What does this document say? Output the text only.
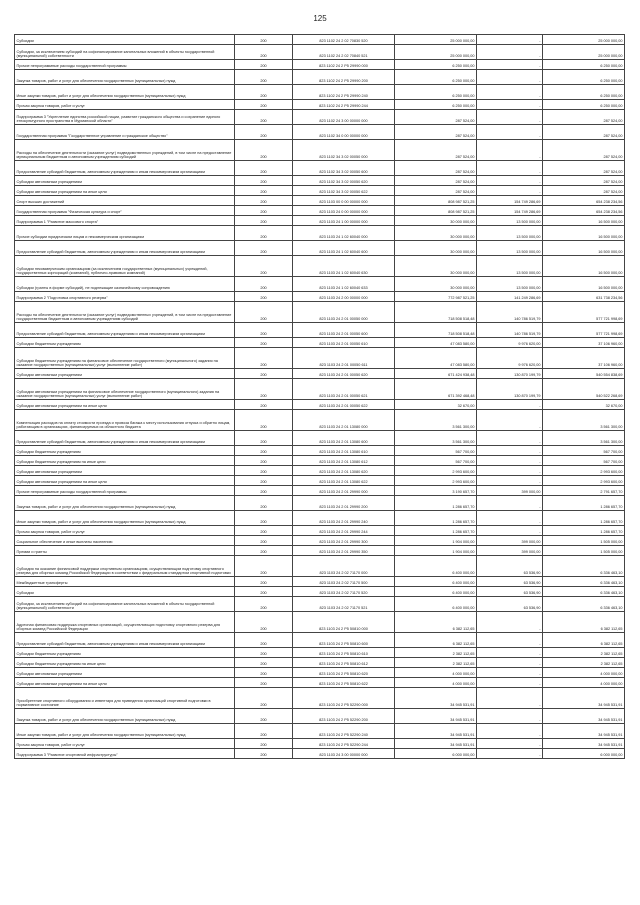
125
Субсидии	200	823 1102 24 2 02 70830 520	25 000 000,00	-	25 000 000,00
Субсидии, за исключением субсидий на софинансирование капитальных вложений в объекты государственной (муниципальной) собственности	200	823 1102 24 2 02 70840 521	25 000 000,00	-	25 000 000,00
Прочие непрограммные расходы государственной программы	200	823 1102 24 2 P5 29990 000	6 250 000,00	-	6 250 000,00
Закупка товаров, работ и услуг для обеспечения государственных (муниципальных) нужд	200	823 1102 24 2 P5 29990 200	6 250 000,00	-	6 250 000,00
Иные закупки товаров, работ и услуг для обеспечения государственных (муниципальных) нужд	200	823 1102 24 2 P5 29990 240	6 250 000,00	-	6 250 000,00
Прочая закупка товаров, работ и услуг	200	823 1102 24 2 P5 29990 244	6 250 000,00	-	6 250 000,00
Подпрограмма 3 "Укрепление единства российской нации, развитие гражданского общества и сохранение единого этнокультурного пространства в Мурманской области"	200	823 1102 24 3 00 00000 000	287 524,00	-	287 524,00
Государственная программа "Государственное управление и гражданское общество"	200	823 1102 34 0 00 00000 000	287 524,00	-	287 524,00
Расходы на обеспечение деятельности (оказание услуг) подведомственных учреждений, в том числе на предоставление муниципальным бюджетным и автономным учреждениям субсидий	200	823 1102 34 3 02 00050 000	287 524,00	-	287 524,00
Предоставление субсидий бюджетным, автономным учреждениям и иным некоммерческим организациям	200	823 1102 34 3 02 00050 600	287 524,00	-	287 524,00
Субсидии автономным учреждениям	200	823 1102 34 3 02 00050 620	287 524,00	-	287 524,00
Субсидии автономным учреждениям на иные цели	200	823 1102 34 3 02 00050 622	287 524,00	-	287 524,00
Спорт высших достижений	200	823 1103 00 0 00 00000 000	808 987 521,25	154 749 286,69	654 238 234,56
Государственная программа "Физическая культура и спорт"	200	823 1103 24 0 00 00000 000	808 987 521,25	154 749 286,69	654 238 234,56
Подпрограмма 1 "Развитие массового спорта"	200	823 1103 24 1 00 00000 000	30 000 000,00	13 500 000,00	16 500 000,00
Прочие субсидии юридическим лицам и некоммерческим организациям	200	823 1103 24 1 02 60040 000	30 000 000,00	13 500 000,00	16 500 000,00
Предоставление субсидий бюджетным, автономным учреждениям и иным некоммерческим организациям	200	823 1103 24 1 02 60040 600	30 000 000,00	13 500 000,00	16 500 000,00
Субсидии некоммерческим организациям (за исключением государственных (муниципальных) учреждений, государственных корпораций (компаний), публично-правовых компаний)	200	823 1103 24 1 02 60040 630	30 000 000,00	13 500 000,00	16 500 000,00
Субсидии (гранты в форме субсидий), не подлежащие казначейскому сопровождению	200	823 1103 24 1 02 60040 633	30 000 000,00	13 500 000,00	16 500 000,00
Подпрограмма 2 "Подготовка спортивного резерва"	200	823 1103 24 2 00 00000 000	772 987 521,25	141 249 286,69	631 738 234,56
Расходы на обеспечение деятельности (оказание услуг) подведомственных учреждений, в том числе на предоставление государственным бюджетным и автономным учреждениям субсидий	200	823 1103 24 2 01 00050 000	718 508 518,48	140 786 519,79	577 721 998,69
Предоставление субсидий бюджетным, автономным учреждениям и иным некоммерческим организациям	200	823 1103 24 2 01 00050 600	718 508 518,48	140 786 519,79	577 721 998,69
Субсидии бюджетным учреждениям	200	823 1103 24 2 01 00050 610	47 083 580,00	9 976 620,00	37 106 960,00
Субсидии бюджетным учреждениям на финансовое обеспечение государственного (муниципального) задания на оказание государственных (муниципальных) услуг (выполнение работ)	200	823 1103 24 2 01 00050 611	47 083 580,00	9 976 620,00	37 106 960,00
Субсидии автономным учреждениям	200	823 1103 24 2 01 00050 620	671 424 938,48	130 870 199,79	540 554 838,69
Субсидии автономным учреждениям на финансовое обеспечение государственного (муниципального) задания на оказание государственных (муниципальных) услуг (выполнение работ)	200	823 1103 24 2 01 00050 621	671 392 468,48	130 870 199,79	540 522 268,69
Субсидии автономным учреждениям на иные цели	200	823 1103 24 2 01 00050 622	32 670,00	-	32 670,00
Компенсация расходов на оплату стоимости проезда и провоза багажа к месту использования отпуска и обратно лицам, работающим в организациях, финансируемых из областного бюджета	200	823 1103 24 2 01 13080 000	3 561 300,00	-	3 561 300,00
Предоставление субсидий бюджетным, автономным учреждениям и иным некоммерческим организациям	200	823 1103 24 2 01 13080 600	3 561 300,00	-	3 561 300,00
Субсидии бюджетным учреждениям	200	823 1103 24 2 01 13080 610	567 700,00	-	567 700,00
Субсидии бюджетным учреждениям на иные цели	200	823 1103 24 2 01 13080 612	567 700,00	-	567 700,00
Субсидии автономным учреждениям	200	823 1103 24 2 01 13080 620	2 993 600,00	-	2 993 600,00
Субсидии автономным учреждениям на иные цели	200	823 1103 24 2 01 13080 622	2 993 600,00	-	2 993 600,00
Прочие непрограммные расходы государственной программы	200	823 1103 24 2 01 29990 000	3 190 657,70	399 000,00	2 791 657,70
Закупка товаров, работ и услуг для обеспечения государственных (муниципальных) нужд	200	823 1103 24 2 01 29990 200	1 286 657,70	-	1 286 657,70
Иные закупки товаров, работ и услуг для обеспечения государственных (муниципальных) нужд	200	823 1103 24 2 01 29990 240	1 286 657,70	-	1 286 657,70
Прочая закупка товаров, работ и услуг	200	823 1103 24 2 01 29990 244	1 286 657,70	-	1 286 657,70
Социальное обеспечение и иные выплаты населению	200	823 1103 24 2 01 29990 300	1 904 000,00	399 000,00	1 505 000,00
Премии и гранты	200	823 1103 24 2 01 29990 350	1 904 000,00	399 000,00	1 505 000,00
Субсидия на оказание финансовой поддержки спортивным организациям, осуществляющим подготовку спортивного резерва для сборных команд Российской Федерации в соответствии с федеральным стандартом спортивной подготовки	200	823 1103 24 2 02 71170 000	6 400 000,00	63 536,90	6 336 463,10
Межбюджетные трансферты	200	823 1103 24 2 02 71170 500	6 400 000,00	63 536,90	6 336 463,10
Субсидии	200	823 1103 24 2 02 71170 520	6 400 000,00	63 536,90	6 336 463,10
Субсидии, за исключением субсидий на софинансирование капитальных вложений в объекты государственной (муниципальной) собственности	200	823 1103 24 2 02 71170 521	6 400 000,00	63 536,90	6 336 463,10
Адресная финансовая поддержка спортивных организаций, осуществляющих подготовку спортивного резерва для сборных команд Российской Федерации	200	823 1103 24 2 P5 50810 000	6 382 112,65	-	6 382 112,65
Предоставление субсидий бюджетным, автономным учреждениям и иным некоммерческим организациям	200	823 1103 24 2 P5 50810 600	6 382 112,65	-	6 382 112,65
Субсидии бюджетным учреждениям	200	823 1103 24 2 P5 50810 610	2 382 112,65	-	2 382 112,65
Субсидии бюджетным учреждениям на иные цели	200	823 1103 24 2 P5 50810 612	2 382 112,65	-	2 382 112,65
Субсидии автономным учреждениям	200	823 1103 24 2 P5 50810 620	4 000 000,00	-	4 000 000,00
Субсидии автономным учреждениям на иные цели	200	823 1103 24 2 P5 50810 622	4 000 000,00	-	4 000 000,00
Приобретение спортивного оборудования и инвентаря для приведения организаций спортивной подготовки в нормативное состояние	200	823 1103 24 2 P5 52290 000	34 945 531,91	-	34 945 531,91
Закупка товаров, работ и услуг для обеспечения государственных (муниципальных) нужд	200	823 1103 24 2 P5 52290 200	34 945 531,91	-	34 945 531,91
Иные закупки товаров, работ и услуг для обеспечения государственных (муниципальных) нужд	200	823 1103 24 2 P5 52290 240	34 945 531,91	-	34 945 531,91
Прочая закупка товаров, работ и услуг	200	823 1103 24 2 P5 52290 244	34 945 531,91	-	34 945 531,91
Подпрограмма 3 "Развитие спортивной инфраструктуры"	200	823 1103 24 3 00 00000 000	6 000 000,00	-	6 000 000,00
